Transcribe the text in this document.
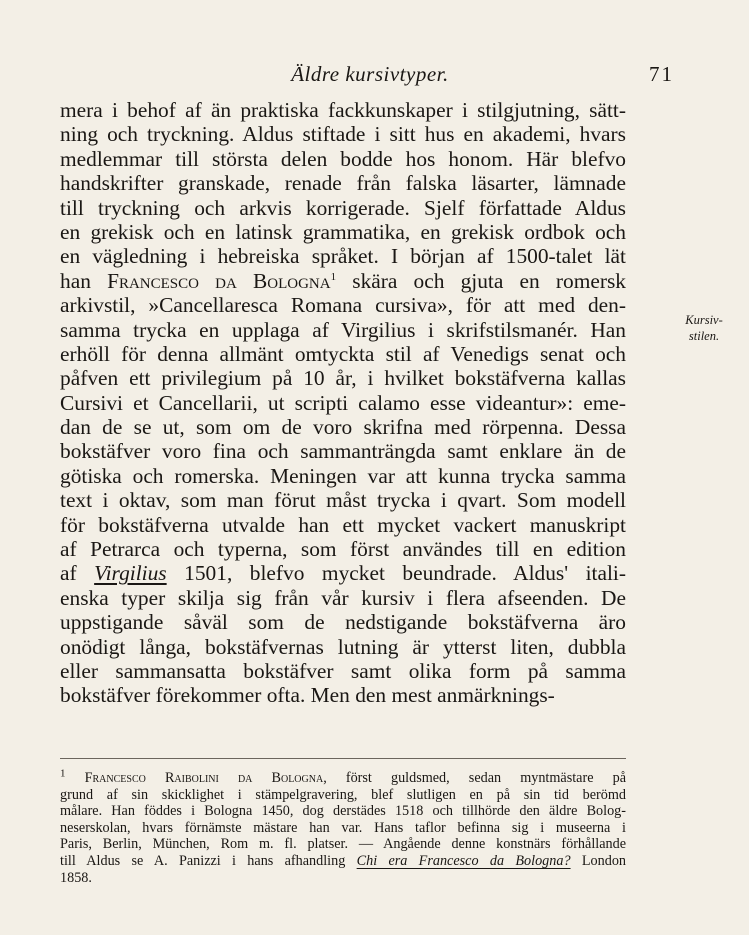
Äldre kursivtyper.	71
Kursiv-
stilen.
mera i behof af än praktiska fackkunskaper i stilgjutning, sätt-
ning och tryckning. Aldus stiftade i sitt hus en akademi, hvars
medlemmar till största delen bodde hos honom. Här blefvo
handskrifter granskade, renade från falska läsarter, lämnade
till tryckning och arkvis korrigerade. Sjelf författade Aldus
en grekisk och en latinsk grammatika, en grekisk ordbok och
en vägledning i hebreiska språket. I början af 1500-talet lät
han Francesco da Bologna$^1$ skära och gjuta en romersk
arkivstil, »Cancellaresca Romana cursiva», för att med den-
samma trycka en upplaga af Virgilius i skrifstilsmanér. Han
erhöll för denna allmänt omtyckta stil af Venedigs senat och
påfven ett privilegium på 10 år, i hvilket bokstäfverna kallas
Cursivi et Cancellarii, ut scripti calamo esse videantur»: eme-
dan de se ut, som om de voro skrifna med rörpenna. Dessa
bokstäfver voro fina och sammanträngda samt enklare än de
götiska och romerska. Meningen var att kunna trycka samma
text i oktav, som man förut måst trycka i qvart. Som modell
för bokstäfverna utvalde han ett mycket vackert manuskript
af Petrarca och typerna, som först användes till en edition
af Virgilius 1501, blefvo mycket beundrade. Aldus' itali-
enska typer skilja sig från vår kursiv i flera afseenden. De
uppstigande såväl som de nedstigande bokstäfverna äro
onödigt långa, bokstäfvernas lutning är ytterst liten, dubbla
eller sammansatta bokstäfver samt olika form på samma
bokstäfver förekommer ofta. Men den mest anmärknings-
$^1$ Francesco Raibolini da Bologna, först guldsmed, sedan myntmästare på
grund af sin skicklighet i stämpelgravering, blef slutligen en på sin tid berömd
målare. Han föddes i Bologna 1450, dog derstädes 1518 och tillhörde den äldre Bolog-
neserskolan, hvars förnämste mästare han var. Hans taflor befinna sig i museerna i
Paris, Berlin, München, Rom m. fl. platser. — Angående denne konstnärs förhållande
till Aldus se A. Panizzi i hans afhandling Chi era Francesco da Bologna? London
1858.
